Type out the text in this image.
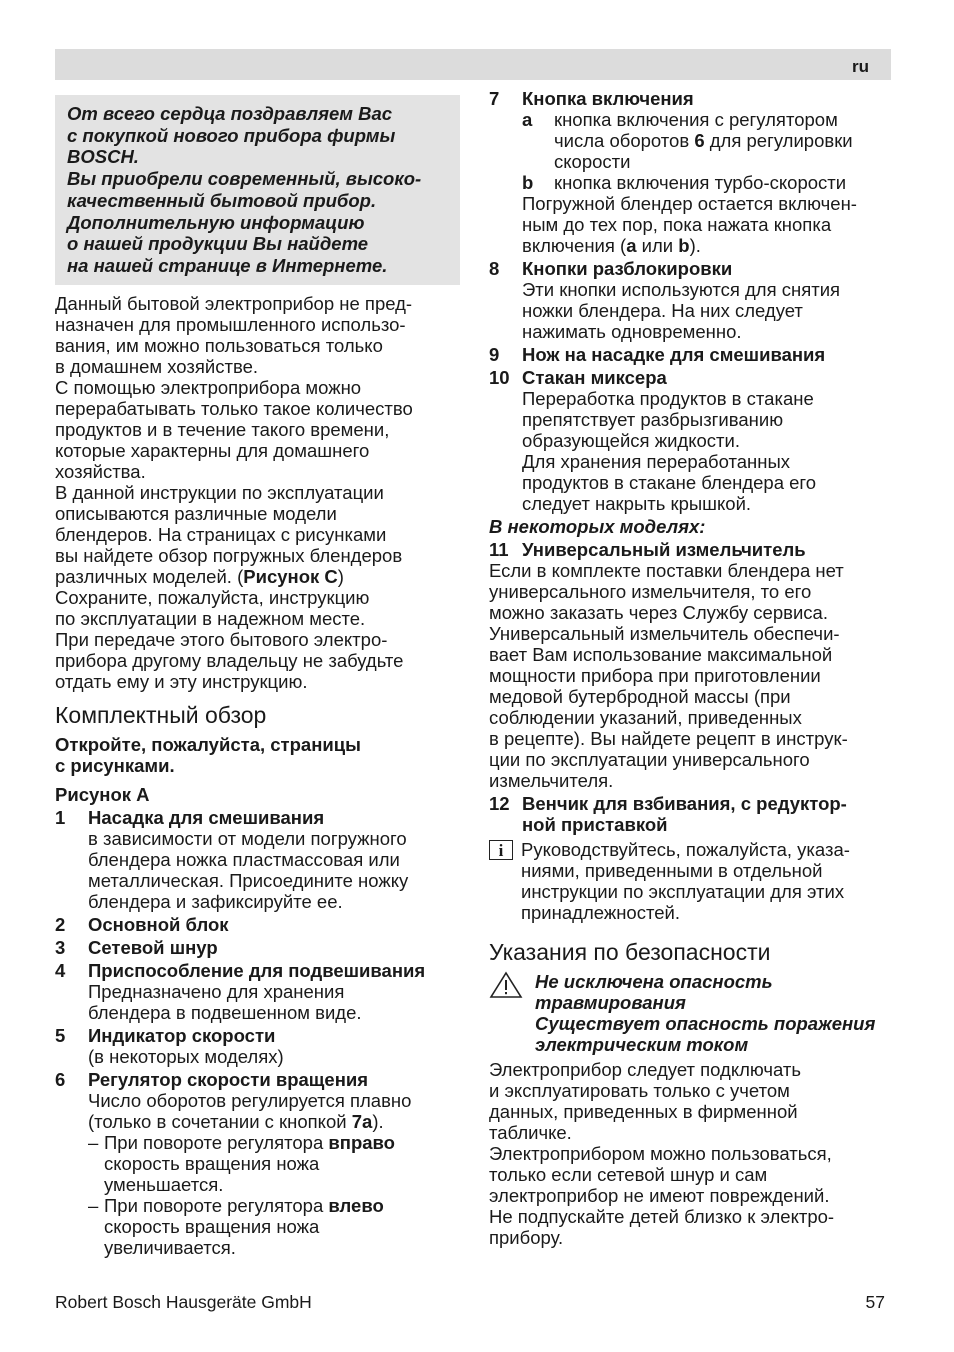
ru
От всего сердца поздравляем Вас
с покупкой нового прибора фирмы
BOSCH.
Вы приобрели современный, высоко-
качественный бытовой прибор.
Дополнительную информацию
о нашей продукции Вы найдете
на нашей странице в Интернете.

Данный бытовой электроприбор не пред-
назначен для промышленного использо-
вания, им можно пользоваться только
в домашнем хозяйстве.

С помощью электроприбора можно
перерабатывать только такое количество
продуктов и в течение такого времени,
которые характерны для домашнего
хозяйства.

В данной инструкции по эксплуатации
описываются различные модели
блендеров. На страницах с рисунками
вы найдете обзор погружных блендеров
различных моделей. (Рисунок С)

Сохраните, пожалуйста, инструкцию
по эксплуатации в надежном месте.

При передаче этого бытового электро-
прибора другому владельцу не забудьте
отдать ему и эту инструкцию.

Комплектный обзор

Откройте, пожалуйста, страницы
с рисунками.

Рисунок А

1	Насадка для смешивания
в зависимости от модели погружного
блендера ножка пластмассовая или
металлическая. Присоедините ножку
блендера и зафиксируйте ее.
2	Основной блок
3	Сетевой шнур
4	Приспособление для подвешивания
Предназначено для хранения
блендера в подвешенном виде.
5	Индикатор скорости
(в некоторых моделях)
6	Регулятор скорости вращения
Число оборотов регулируется плавно
(только в сочетании с кнопкой 7a).
– При повороте регулятора вправо
скорость вращения ножа
уменьшается.
– При повороте регулятора влево
скорость вращения ножа
увеличивается.
7	Кнопка включения
a	кнопка включения с регулятором
числа оборотов 6 для регулировки
скорости
b	кнопка включения турбо-скорости
Погружной блендер остается включен-
ным до тех пор, пока нажата кнопка
включения (a или b).
8	Кнопки разблокировки
Эти кнопки используются для снятия
ножки блендера. На них следует
нажимать одновременно.
9	Нож на насадке для смешивания
10 Стакан миксера
Переработка продуктов в стакане
препятствует разбрызгиванию
образующейся жидкости.
Для хранения переработанных
продуктов в стакане блендера его
следует накрыть крышкой.

В некоторых моделях:

11 Универсальный измельчитель

Если в комплекте поставки блендера нет
универсального измельчителя, то его
можно заказать через Службу сервиса.
Универсальный измельчитель обеспечи-
вает Вам использование максимальной
мощности прибора при приготовлении
медовой бутербродной массы (при
соблюдении указаний, приведенных
в рецепте). Вы найдете рецепт в инструк-
ции по эксплуатации универсального
измельчителя.

12 Венчик для взбивания, с редуктор-
ной приставкой
i Руководствуйтесь, пожалуйста, указа-
ниями, приведенными в отдельной
инструкции по эксплуатации для этих
принадлежностей.
Указания по безопасности
Не исключена опасность
травмирования
Существует опасность поражения
электрическим током

Электроприбор следует подключать
и эксплуатировать только с учетом
данных, приведенных в фирменной
табличке.

Электроприбором можно пользоваться,
только если сетевой шнур и сам
электроприбор не имеют повреждений.

Не подпускайте детей близко к электро-
прибору.

Robert Bosch Hausgeräte GmbH	57
